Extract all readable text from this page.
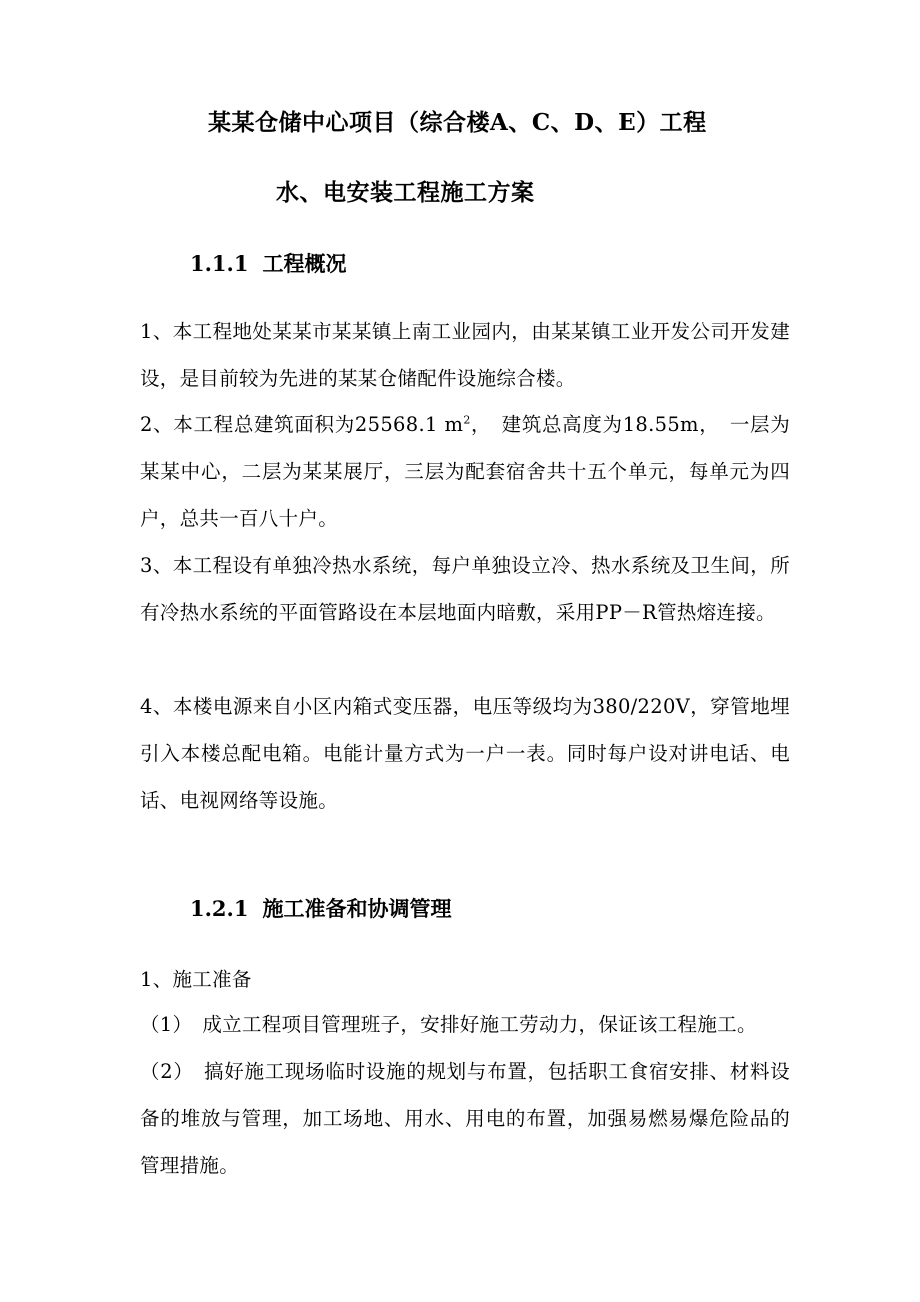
某某仓储中心项目（综合楼A、C、D、E）工程
水、电安装工程施工方案
1.1.1 工程概况
1、本工程地处某某市某某镇上南工业园内，由某某镇工业开发公司开发建设，是目前较为先进的某某仓储配件设施综合楼。
2、本工程总建筑面积为25568.1 $m^2$，　建筑总高度为18.55m，　一层为某某中心，二层为某某展厅，三层为配套宿舍共十五个单元，每单元为四户，总共一百八十户。
3、本工程设有单独冷热水系统，每户单独设立冷、热水系统及卫生间，所有冷热水系统的平面管路设在本层地面内暗敷，采用PP－R管热熔连接。
4、本楼电源来自小区内箱式变压器，电压等级均为380/220V，穿管地埋引入本楼总配电箱。电能计量方式为一户一表。同时每户设对讲电话、电话、电视网络等设施。
1.2.1 施工准备和协调管理
1、施工准备
（1）　成立工程项目管理班子，安排好施工劳动力，保证该工程施工。
（2）　搞好施工现场临时设施的规划与布置，包括职工食宿安排、材料设备的堆放与管理，加工场地、用水、用电的布置，加强易燃易爆危险品的管理措施。
